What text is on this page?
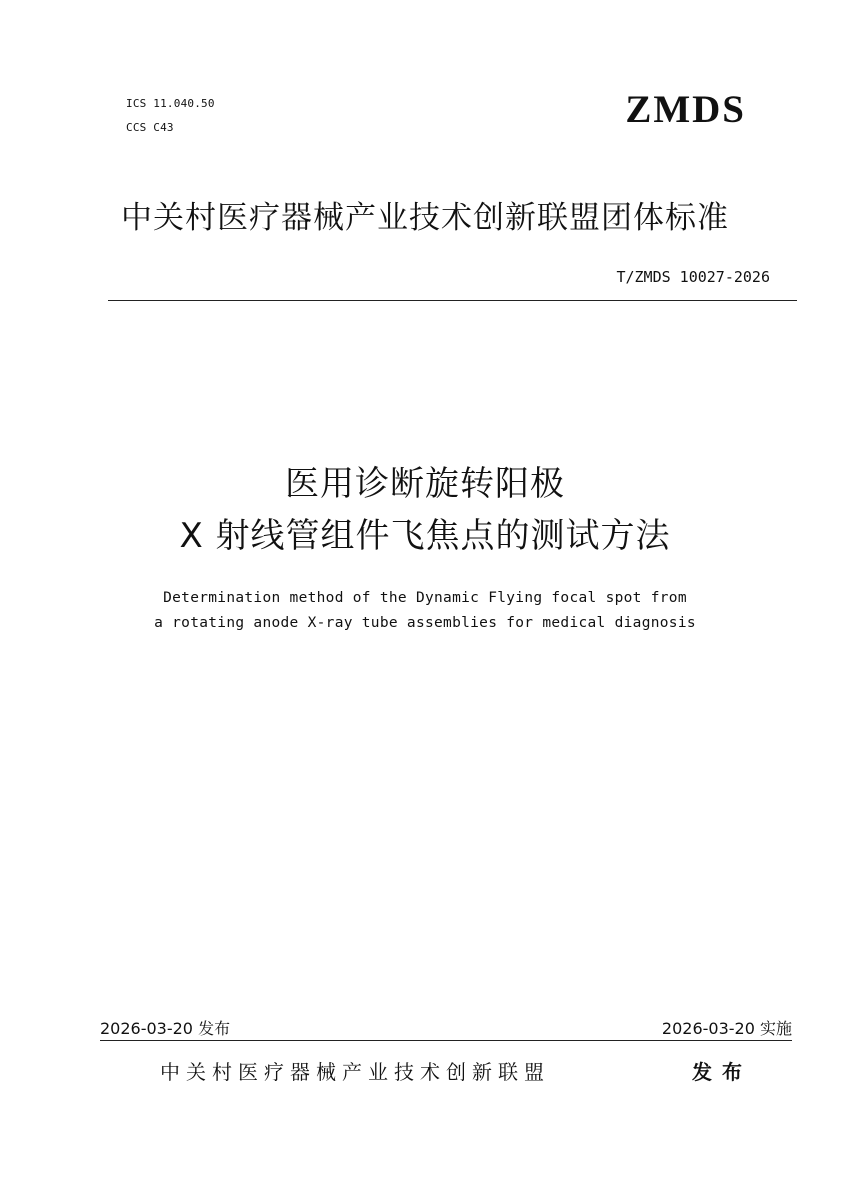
ICS 11.040.50
CCS C43	ZMDS
中关村医疗器械产业技术创新联盟团体标准
T/ZMDS 10027-2026
医用诊断旋转阳极
X 射线管组件飞焦点的测试方法
Determination method of the Dynamic Flying focal spot from
a rotating anode X-ray tube assemblies for medical diagnosis
2026-03-20 发布	2026-03-20 实施
中关村医疗器械产业技术创新联盟	发布
